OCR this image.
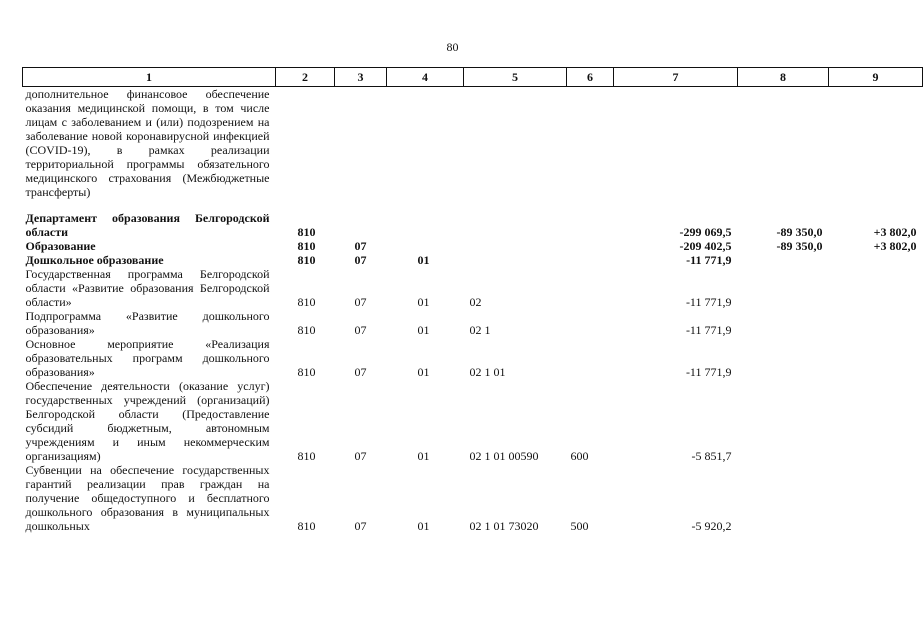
80
1	2	3	4	5	6	7	8	9
дополнительное финансовое обеспечение оказания медицинской помощи, в том числе лицам с заболеванием и (или) подозрением на заболевание новой коронавирусной инфекцией (COVID-19), в рамках реализации территориальной программы обязательного медицинского страхования (Межбюджетные трансферты)								

Департамент образования Белгородской области	810					-299 069,5	-89 350,0	+3 802,0
Образование	810	07				-209 402,5	-89 350,0	+3 802,0
Дошкольное образование	810	07	01			-11 771,9		
Государственная программа Белгородской области «Развитие образования Белгородской области»	810	07	01	02		-11 771,9		
Подпрограмма «Развитие дошкольного образования»	810	07	01	02 1		-11 771,9		
Основное мероприятие «Реализация образовательных программ дошкольного образования»	810	07	01	02 1 01		-11 771,9		
Обеспечение деятельности (оказание услуг) государственных учреждений (организаций) Белгородской области (Предоставление субсидий бюджетным, автономным учреждениям и иным некоммерческим организациям)	810	07	01	02 1 01 00590	600	-5 851,7		
Субвенции на обеспечение государственных гарантий реализации прав граждан на получение общедоступного и бесплатного дошкольного образования в муниципальных дошкольных	810	07	01	02 1 01 73020	500	-5 920,2		
